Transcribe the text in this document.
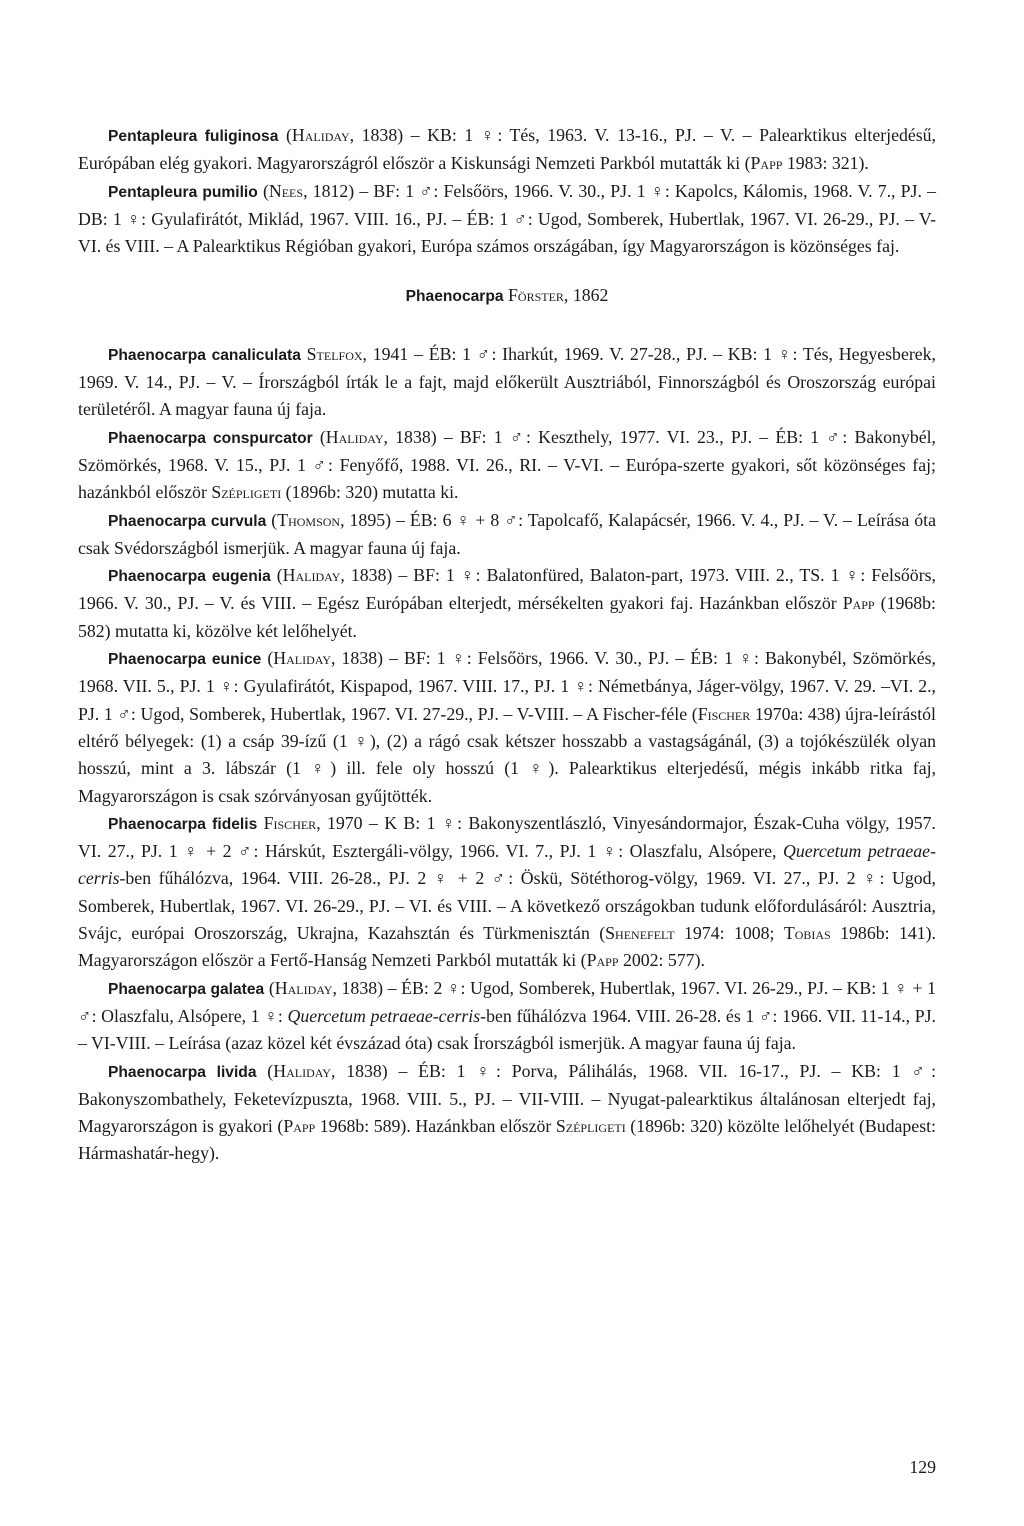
Pentapleura fuliginosa (Haliday, 1838) – KB: 1 ♀: Tés, 1963. V. 13-16., PJ. – V. – Palearktikus elterjedésű, Európában elég gyakori. Magyarországról először a Kiskunsági Nemzeti Parkból mutatták ki (Papp 1983: 321).

Pentapleura pumilio (Nees, 1812) – BF: 1 ♂: Felsőörs, 1966. V. 30., PJ. 1 ♀: Kapolcs, Kálomis, 1968. V. 7., PJ. – DB: 1 ♀: Gyulafirátót, Miklád, 1967. VIII. 16., PJ. – ÉB: 1 ♂: Ugod, Somberek, Hubertlak, 1967. VI. 26-29., PJ. – V-VI. és VIII. – A Palearktikus Régióban gyakori, Európa számos országában, így Magyarországon is közönséges faj.

Phaenocarpa Förster, 1862

Phaenocarpa canaliculata Stelfox, 1941 – ÉB: 1 ♂: Iharkút, 1969. V. 27-28., PJ. – KB: 1 ♀: Tés, Hegyesberek, 1969. V. 14., PJ. – V. – Írországból írták le a fajt, majd előkerült Ausztriából, Finnországból és Oroszország európai területéről. A magyar fauna új faja.

Phaenocarpa conspurcator (Haliday, 1838) – BF: 1 ♂: Keszthely, 1977. VI. 23., PJ. – ÉB: 1 ♂: Bakonybél, Szömörkés, 1968. V. 15., PJ. 1 ♂: Fenyőfő, 1988. VI. 26., RI. – V-VI. – Európa-szerte gyakori, sőt közönséges faj; hazánkból először Szépligeti (1896b: 320) mutatta ki.

Phaenocarpa curvula (Thomson, 1895) – ÉB: 6 ♀ + 8 ♂: Tapolcafő, Kalapácsér, 1966. V. 4., PJ. – V. – Leírása óta csak Svédországból ismerjük. A magyar fauna új faja.

Phaenocarpa eugenia (Haliday, 1838) – BF: 1 ♀: Balatonfüred, Balaton-part, 1973. VIII. 2., TS. 1 ♀: Felsőörs, 1966. V. 30., PJ. – V. és VIII. – Egész Európában elterjedt, mérsékelten gyakori faj. Hazánkban először Papp (1968b: 582) mutatta ki, közölve két lelőhelyét.

Phaenocarpa eunice (Haliday, 1838) – BF: 1 ♀: Felsőörs, 1966. V. 30., PJ. – ÉB: 1 ♀: Bakonybél, Szömörkés, 1968. VII. 5., PJ. 1 ♀: Gyulafirátót, Kispapod, 1967. VIII. 17., PJ. 1 ♀: Németbánya, Jáger-völgy, 1967. V. 29. –VI. 2., PJ. 1 ♂: Ugod, Somberek, Hubertlak, 1967. VI. 27-29., PJ. – V-VIII. – A Fischer-féle (Fischer 1970a: 438) újra-leírástól eltérő bélyegek: (1) a csáp 39-ízű (1 ♀), (2) a rágó csak kétszer hosszabb a vastagságánál, (3) a tojókészülék olyan hosszú, mint a 3. lábszár (1 ♀) ill. fele oly hosszú (1 ♀). Palearktikus elterjedésű, mégis inkább ritka faj, Magyarországon is csak szórványosan gyűjtötték.

Phaenocarpa fidelis Fischer, 1970 – K B: 1 ♀: Bakonyszentlászló, Vinyesándormajor, Észak-Cuha völgy, 1957. VI. 27., PJ. 1 ♀ + 2 ♂: Hárskút, Esztergáli-völgy, 1966. VI. 7., PJ. 1 ♀: Olaszfalu, Alsópere, Quercetum petraeae-cerris-ben fűhálózva, 1964. VIII. 26-28., PJ. 2 ♀ + 2 ♂: Öskü, Sötéthorog-völgy, 1969. VI. 27., PJ. 2 ♀: Ugod, Somberek, Hubertlak, 1967. VI. 26-29., PJ. – VI. és VIII. – A következő országokban tudunk előfordulásáról: Ausztria, Svájc, európai Oroszország, Ukrajna, Kazahsztán és Türkmenisztán (Shenefelt 1974: 1008; Tobias 1986b: 141). Magyarországon először a Fertő-Hanság Nemzeti Parkból mutatták ki (Papp 2002: 577).

Phaenocarpa galatea (Haliday, 1838) – ÉB: 2 ♀: Ugod, Somberek, Hubertlak, 1967. VI. 26-29., PJ. – KB: 1 ♀ + 1 ♂: Olaszfalu, Alsópere, 1 ♀: Quercetum petraeae-cerris-ben fűhálózva 1964. VIII. 26-28. és 1 ♂: 1966. VII. 11-14., PJ. – VI-VIII. – Leírása (azaz közel két évszázad óta) csak Írországból ismerjük. A magyar fauna új faja.

Phaenocarpa livida (Haliday, 1838) – ÉB: 1 ♀: Porva, Pálihálás, 1968. VII. 16-17., PJ. – KB: 1 ♂: Bakonyszombathely, Feketevízpuszta, 1968. VIII. 5., PJ. – VII-VIII. – Nyugat-palearktikus általánosan elterjedt faj, Magyarországon is gyakori (Papp 1968b: 589). Hazánkban először Szépligeti (1896b: 320) közölte lelőhelyét (Budapest: Hármashatár-hegy).

129
